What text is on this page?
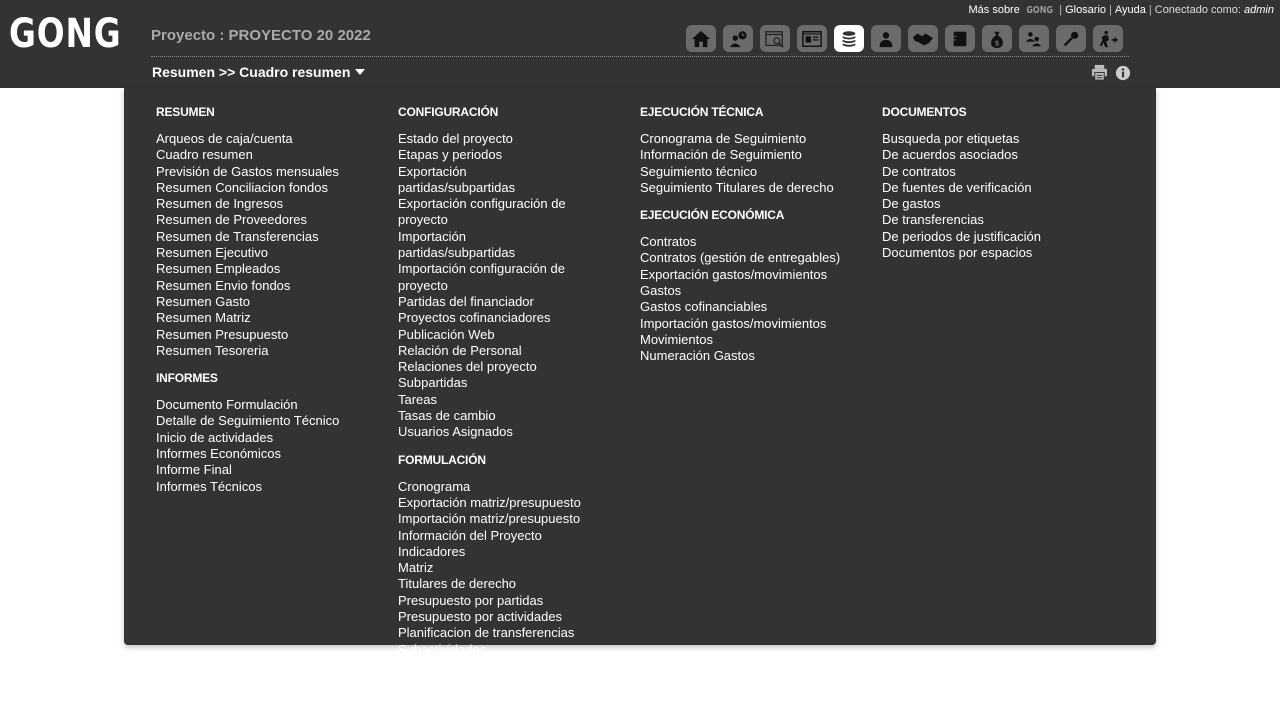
GONG
Más sobre GONG | Glosario | Ayuda | Conectado como: admin
Proyecto : PROYECTO 20 2022	$
Resumen >> Cuadro resumen
RESUMEN
Arqueos de caja/cuenta
Cuadro resumen
Previsión de Gastos mensuales
Resumen Conciliacion fondos
Resumen de Ingresos
Resumen de Proveedores
Resumen de Transferencias
Resumen Ejecutivo
Resumen Empleados
Resumen Envio fondos
Resumen Gasto
Resumen Matriz
Resumen Presupuesto
Resumen Tesoreria
INFORMES
Documento Formulación
Detalle de Seguimiento Técnico
Inicio de actividades
Informes Económicos
Informe Final
Informes Técnicos
CONFIGURACIÓN
Estado del proyecto
Etapas y periodos
Exportación partidas/subpartidas
Exportación configuración de proyecto
Importación partidas/subpartidas
Importación configuración de proyecto
Partidas del financiador
Proyectos cofinanciadores
Publicación Web
Relación de Personal
Relaciones del proyecto
Subpartidas
Tareas
Tasas de cambio
Usuarios Asignados
FORMULACIÓN
Cronograma
Exportación matriz/presupuesto
Importación matriz/presupuesto
Información del Proyecto
Indicadores
Matriz
Titulares de derecho
Presupuesto por partidas
Presupuesto por actividades
Planificacion de transferencias
Subactividades
EJECUCIÓN TÉCNICA
Cronograma de Seguimiento
Información de Seguimiento
Seguimiento técnico
Seguimiento Titulares de derecho
EJECUCIÓN ECONÓMICA
Contratos
Contratos (gestión de entregables)
Exportación gastos/movimientos
Gastos
Gastos cofinanciables
Importación gastos/movimientos
Movimientos
Numeración Gastos
DOCUMENTOS
Busqueda por etiquetas
De acuerdos asociados
De contratos
De fuentes de verificación
De gastos
De transferencias
De periodos de justificación
Documentos por espacios
